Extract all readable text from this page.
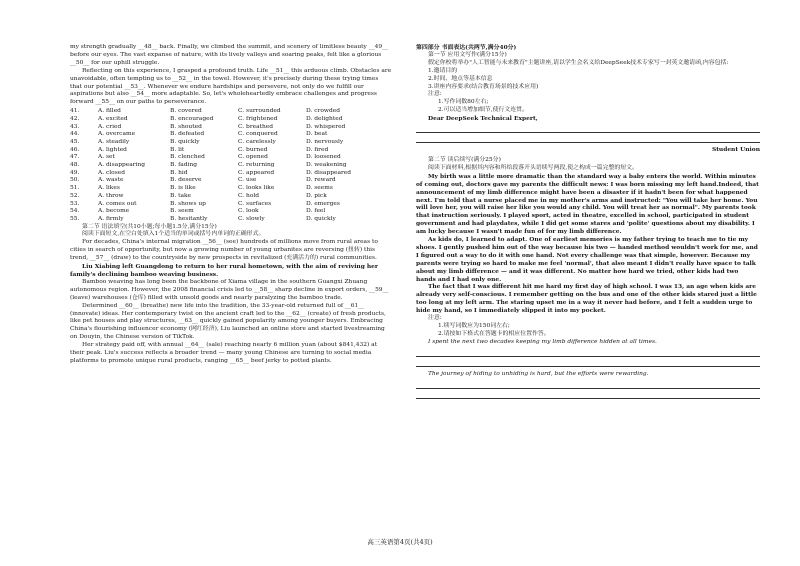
my strength gradually __48__ back. Finally, we climbed the summit, and scenery of limitless beauty __49__ before our eyes. The vast expanse of nature, with its lively valleys and soaring peaks, felt like a glorious __50__ for our uphill struggle.

Reflecting on this experience, I grasped a profound truth. Life __51__ this arduous climb. Obstacles are unavoidable, often tempting us to __52__ in the towel. However, it's precisely during these trying times that our potential __53__. Whenever we endure hardships and persevere, not only do we fulfill our aspirations but also __54__ more adaptable. So, let's wholeheartedly embrace challenges and progress forward __55__ on our paths to perseverance.

41.	A. filled	B. covered	C. surrounded	D. crowded
42.	A. excited	B. encouraged	C. frightened	D. delighted
43.	A. cried	B. shouted	C. breathed	D. whispered
44.	A. overcame	B. defeated	C. conquered	D. beat
45.	A. steadily	B. quickly	C. carelessly	D. nervously
46.	A. lighted	B. lit	C. burned	D. fired
47.	A. set	B. clenched	C. opened	D. loosened
48.	A. disappearing	B. fading	C. returning	D. weakening
49.	A. closed	B. hid	C. appeared	D. disappeared
50.	A. waste	B. deserve	C. use	D. reward
51.	A. likes	B. is like	C. looks like	D. seems
52.	A. throw	B. take	C. hold	D. pick
53.	A. comes out	B. shows up	C. surfaces	D. emerges
54.	A. become	B. seem	C. look	D. feel
55.	A. firmly	B. hesitantly	C. slowly	D. quickly

第二节 语法填空(共10小题;每小题1.5分,满分15分)

阅读下面短文,在空白处填入1个适当的单词或括号内单词的正确形式。

For decades, China's internal migration __56__ (see) hundreds of millions move from rural areas to cities in search of opportunity, but now a growing number of young urbanites are reversing (扭转) this trend, __57__ (draw) to the countryside by new prospects in revitalized (充满活力的) rural communities.

Liu Xiabing left Guangdong to return to her rural hometown, with the aim of reviving her family's declining bamboo weaving business.

Bamboo weaving has long been the backbone of Xiama village in the southern Guangxi Zhuang autonomous region. However, the 2008 financial crisis led to __58__ sharp decline in export orders, __59__ (leave) warehouses (仓库) filled with unsold goods and nearly paralyzing the bamboo trade.

Determined __60__ (breathe) new life into the tradition, the 33-year-old returned full of __61__ (innovate) ideas. Her contemporary twist on the ancient craft led to the __62__ (create) of fresh products, like pet houses and play structures, __63__ quickly gained popularity among younger buyers. Embracing China's flourishing influencer economy (网红经济), Liu launched an online store and started livestreaming on Douyin, the Chinese version of TikTok.

Her strategy paid off, with annual __64__ (sale) reaching nearly 6 million yuan (about $841,432) at their peak. Liu's success reflects a broader trend — many young Chinese are turning to social media platforms to promote unique rural products, ranging __65__ beef jerky to potted plants.

第四部分 书面表达(共两节,满分40分)

第一节 应用文写作(满分15分)

假定你校将举办"人工智能与未来教育"主题讲座,请以学生会名义给DeepSeek技术专家写一封英文邀请函,内容包括:

1.邀请目的

2.时间、地点等基本信息

3.讲座内容要求(结合教育场景的技术应用)

注意:

1.写作词数80左右;

2.可以适当增加细节,使行文连贯。

Dear DeepSeek Technical Expert,

Student Union

第二节 读后续写(满分25分)

阅读下面材料,根据其内容和所给段落开头语续写两段,使之构成一篇完整的短文。

My birth was a little more dramatic than the standard way a baby enters the world. Within minutes of coming out, doctors gave my parents the difficult news: I was born missing my left hand.Indeed, that announcement of my limb difference might have been a disaster if it hadn't been for what happened next. I'm told that a nurse placed me in my mother's arms and instructed: "You will take her home. You will love her, you will raise her like you would any child. You will treat her as normal". My parents took that instruction seriously. I played sport, acted in theatre, excelled in school, participated in student government and had playdates, while I did get some stares and 'polite' questions about my disability. I am lucky because I wasn't made fun of for my limb difference.

As kids do, I learned to adapt. One of earliest memories is my father trying to teach me to tie my shoes. I gently pushed him out of the way because his two — handed method wouldn't work for me, and I figured out a way to do it with one hand. Not every challenge was that simple, however. Because my parents were trying so hard to make me feel 'normal', that also meant I didn't really have space to talk about my limb difference — and it was different. No matter how hard we tried, other kids had two hands and I had only one.

The fact that I was different hit me hard my first day of high school. I was 13, an age when kids are already very self-conscious. I remember getting on the bus and one of the other kids stared just a little too long at my left arm. The staring upset me in a way it never had before, and I felt a sudden urge to hide my hand, so I immediately slipped it into my pocket.

注意:

1.续写词数应为150词左右;

2.请按如下格式在答题卡的相应位置作答。

I spent the next two decades keeping my limb difference hidden at all times.

The journey of hiding to unhiding is hard, but the efforts were rewarding.

高三英语第4页(共4页)
